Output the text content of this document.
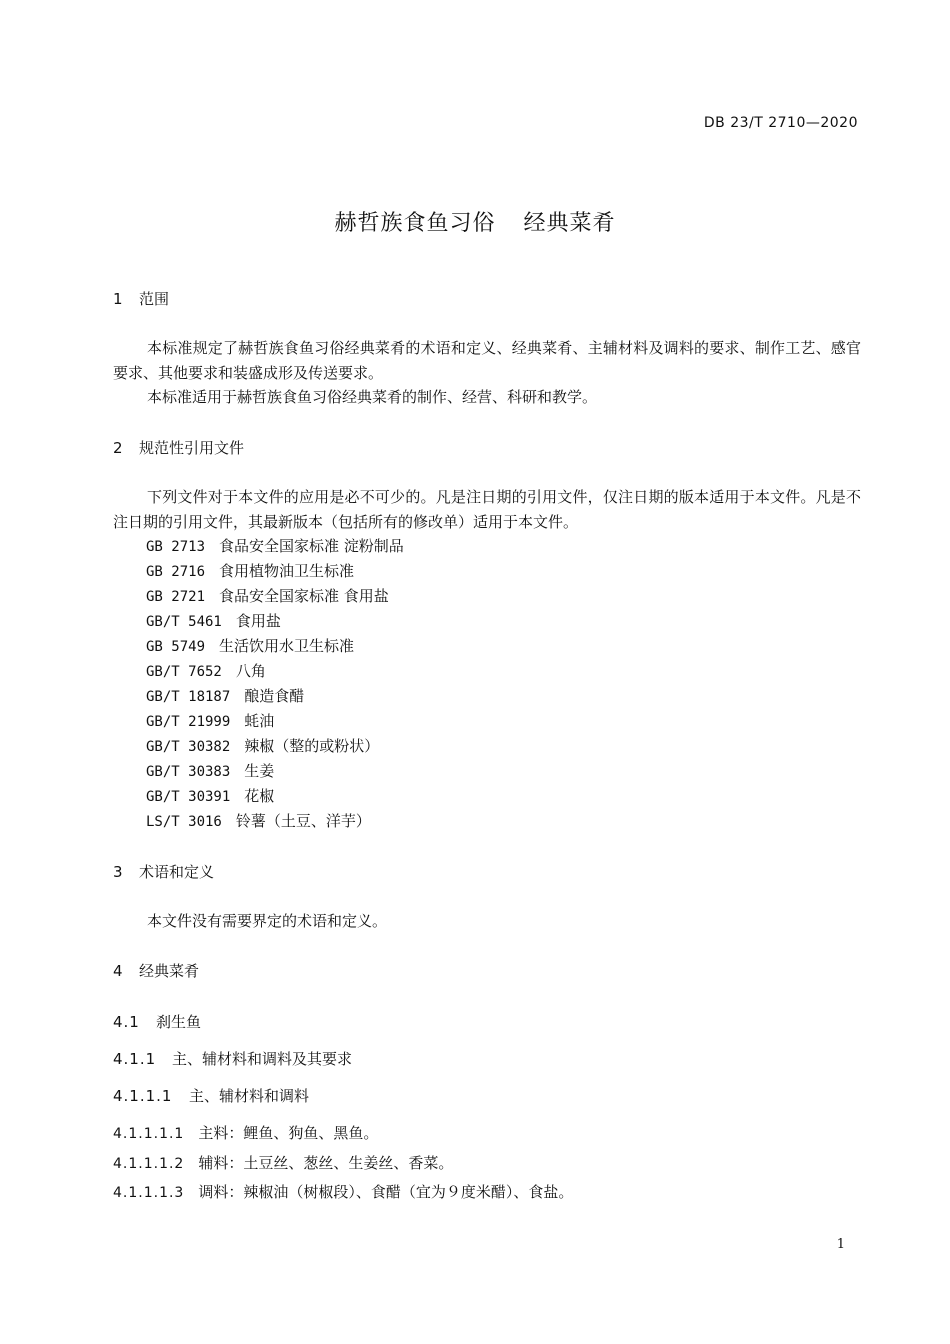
DB 23/T 2710—2020
赫哲族食鱼习俗 经典菜肴
1 范围
本标准规定了赫哲族食鱼习俗经典菜肴的术语和定义、经典菜肴、主辅材料及调料的要求、制作工艺、感官要求、其他要求和装盛成形及传送要求。
本标准适用于赫哲族食鱼习俗经典菜肴的制作、经营、科研和教学。
2 规范性引用文件
下列文件对于本文件的应用是必不可少的。凡是注日期的引用文件，仅注日期的版本适用于本文件。凡是不注日期的引用文件，其最新版本（包括所有的修改单）适用于本文件。
GB 2713 食品安全国家标准 淀粉制品
GB 2716 食用植物油卫生标准
GB 2721 食品安全国家标准 食用盐
GB/T 5461 食用盐
GB 5749 生活饮用水卫生标准
GB/T 7652 八角
GB/T 18187 酿造食醋
GB/T 21999 蚝油
GB/T 30382 辣椒（整的或粉状）
GB/T 30383 生姜
GB/T 30391 花椒
LS/T 3016 铃薯（土豆、洋芋）
3 术语和定义
本文件没有需要界定的术语和定义。
4 经典菜肴
4.1 刹生鱼
4.1.1 主、辅材料和调料及其要求
4.1.1.1 主、辅材料和调料
4.1.1.1.1 主料：鲤鱼、狗鱼、黑鱼。
4.1.1.1.2 辅料：土豆丝、葱丝、生姜丝、香菜。
4.1.1.1.3 调料：辣椒油（树椒段）、食醋（宜为９度米醋）、食盐。
1
